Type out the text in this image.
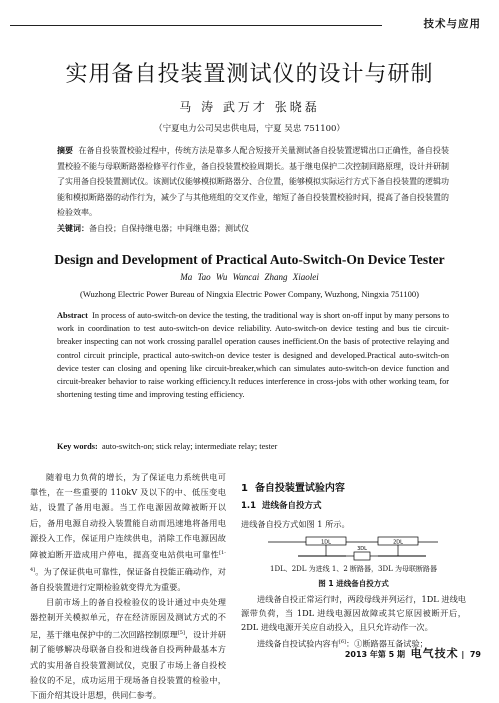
技术与应用
实用备自投装置测试仪的设计与研制
马 涛 武万才 张晓磊
（宁夏电力公司吴忠供电局，宁夏 吴忠 751100）
摘要 在备自投装置校验过程中，传统方法是靠多人配合短接开关量测试备自投装置逻辑出口正确性，备自投装置校验不能与母联断路器检修平行作业，备自投装置校验周期长。基于继电保护二次控制回路原理，设计并研制了实用备自投装置测试仪。该测试仪能够模拟断路器分、合位置，能够模拟实际运行方式下备自投装置的逻辑功能和模拟断路器的动作行为，减少了与其他班组的交叉作业，缩短了备自投装置校验时间，提高了备自投装置的检验效率。
关键词：备自投；自保持继电器；中间继电器；测试仪
Design and Development of Practical Auto-Switch-On Device Tester
Ma Tao Wu Wancai Zhang Xiaolei
(Wuzhong Electric Power Bureau of Ningxia Electric Power Company, Wuzhong, Ningxia 751100)
Abstract In process of auto-switch-on device the testing, the traditional way is short on-off input by many persons to work in coordination to test auto-switch-on device reliability. Auto-switch-on device testing and bus tie circuit-breaker inspecting can not work crossing parallel operation causes inefficient.On the basis of protective relaying and control circuit principle, practical auto-switch-on device tester is designed and developed.Practical auto-switch-on device tester can closing and opening like circuit-breaker,which can simulates auto-switch-on device function and circuit-breaker behavior to raise working efficiency.It reduces interference in cross-jobs with other working team, for shortening testing time and improving testing efficiency.
Key words: auto-switch-on; stick relay; intermediate relay; tester

随着电力负荷的增长，为了保证电力系统供电可靠性，在一些重要的 110kV 及以下的中、低压变电站，设置了备用电源。当工作电源因故障被断开以后，备用电源自动投入装置能自动而迅速地将备用电源投入工作，保证用户连续供电，消除工作电源因故障被迫断开造成用户停电，提高变电站供电可靠性[1-4]。为了保证供电可靠性，保证备自投能正确动作，对备自投装置进行定期检验就变得尤为重要。

目前市场上的备自投检验仪的设计通过中央处理器控制开关模拟单元，存在经济原因及测试方式的不足，基于继电保护中的二次回路控制原理[5]，设计并研制了能够解决母联备自投和进线备自投两种最基本方式的实用备自投装置测试仪，克服了市场上备自投校验仪的不足，成功运用于现场备自投装置的检验中，下面介绍其设计思想，供同仁参考。

1 备自投装置试验内容
1.1 进线备自投方式
进线备自投方式如图 1 所示。
1DL	2DL
3DL
1DL、2DL 为进线 1、2 断路器，3DL 为母联断路器
图 1 进线备自投方式

进线备自投正常运行时，两段母线并列运行，1DL 进线电源带负荷，当 1DL 进线电源因故障或其它原因被断开后，2DL 进线电源开关应自动投入，且只允许动作一次。

进线备自投试验内容有[6]：①断路器互备试验；

2013 年第 5 期 电气技术 |  79
